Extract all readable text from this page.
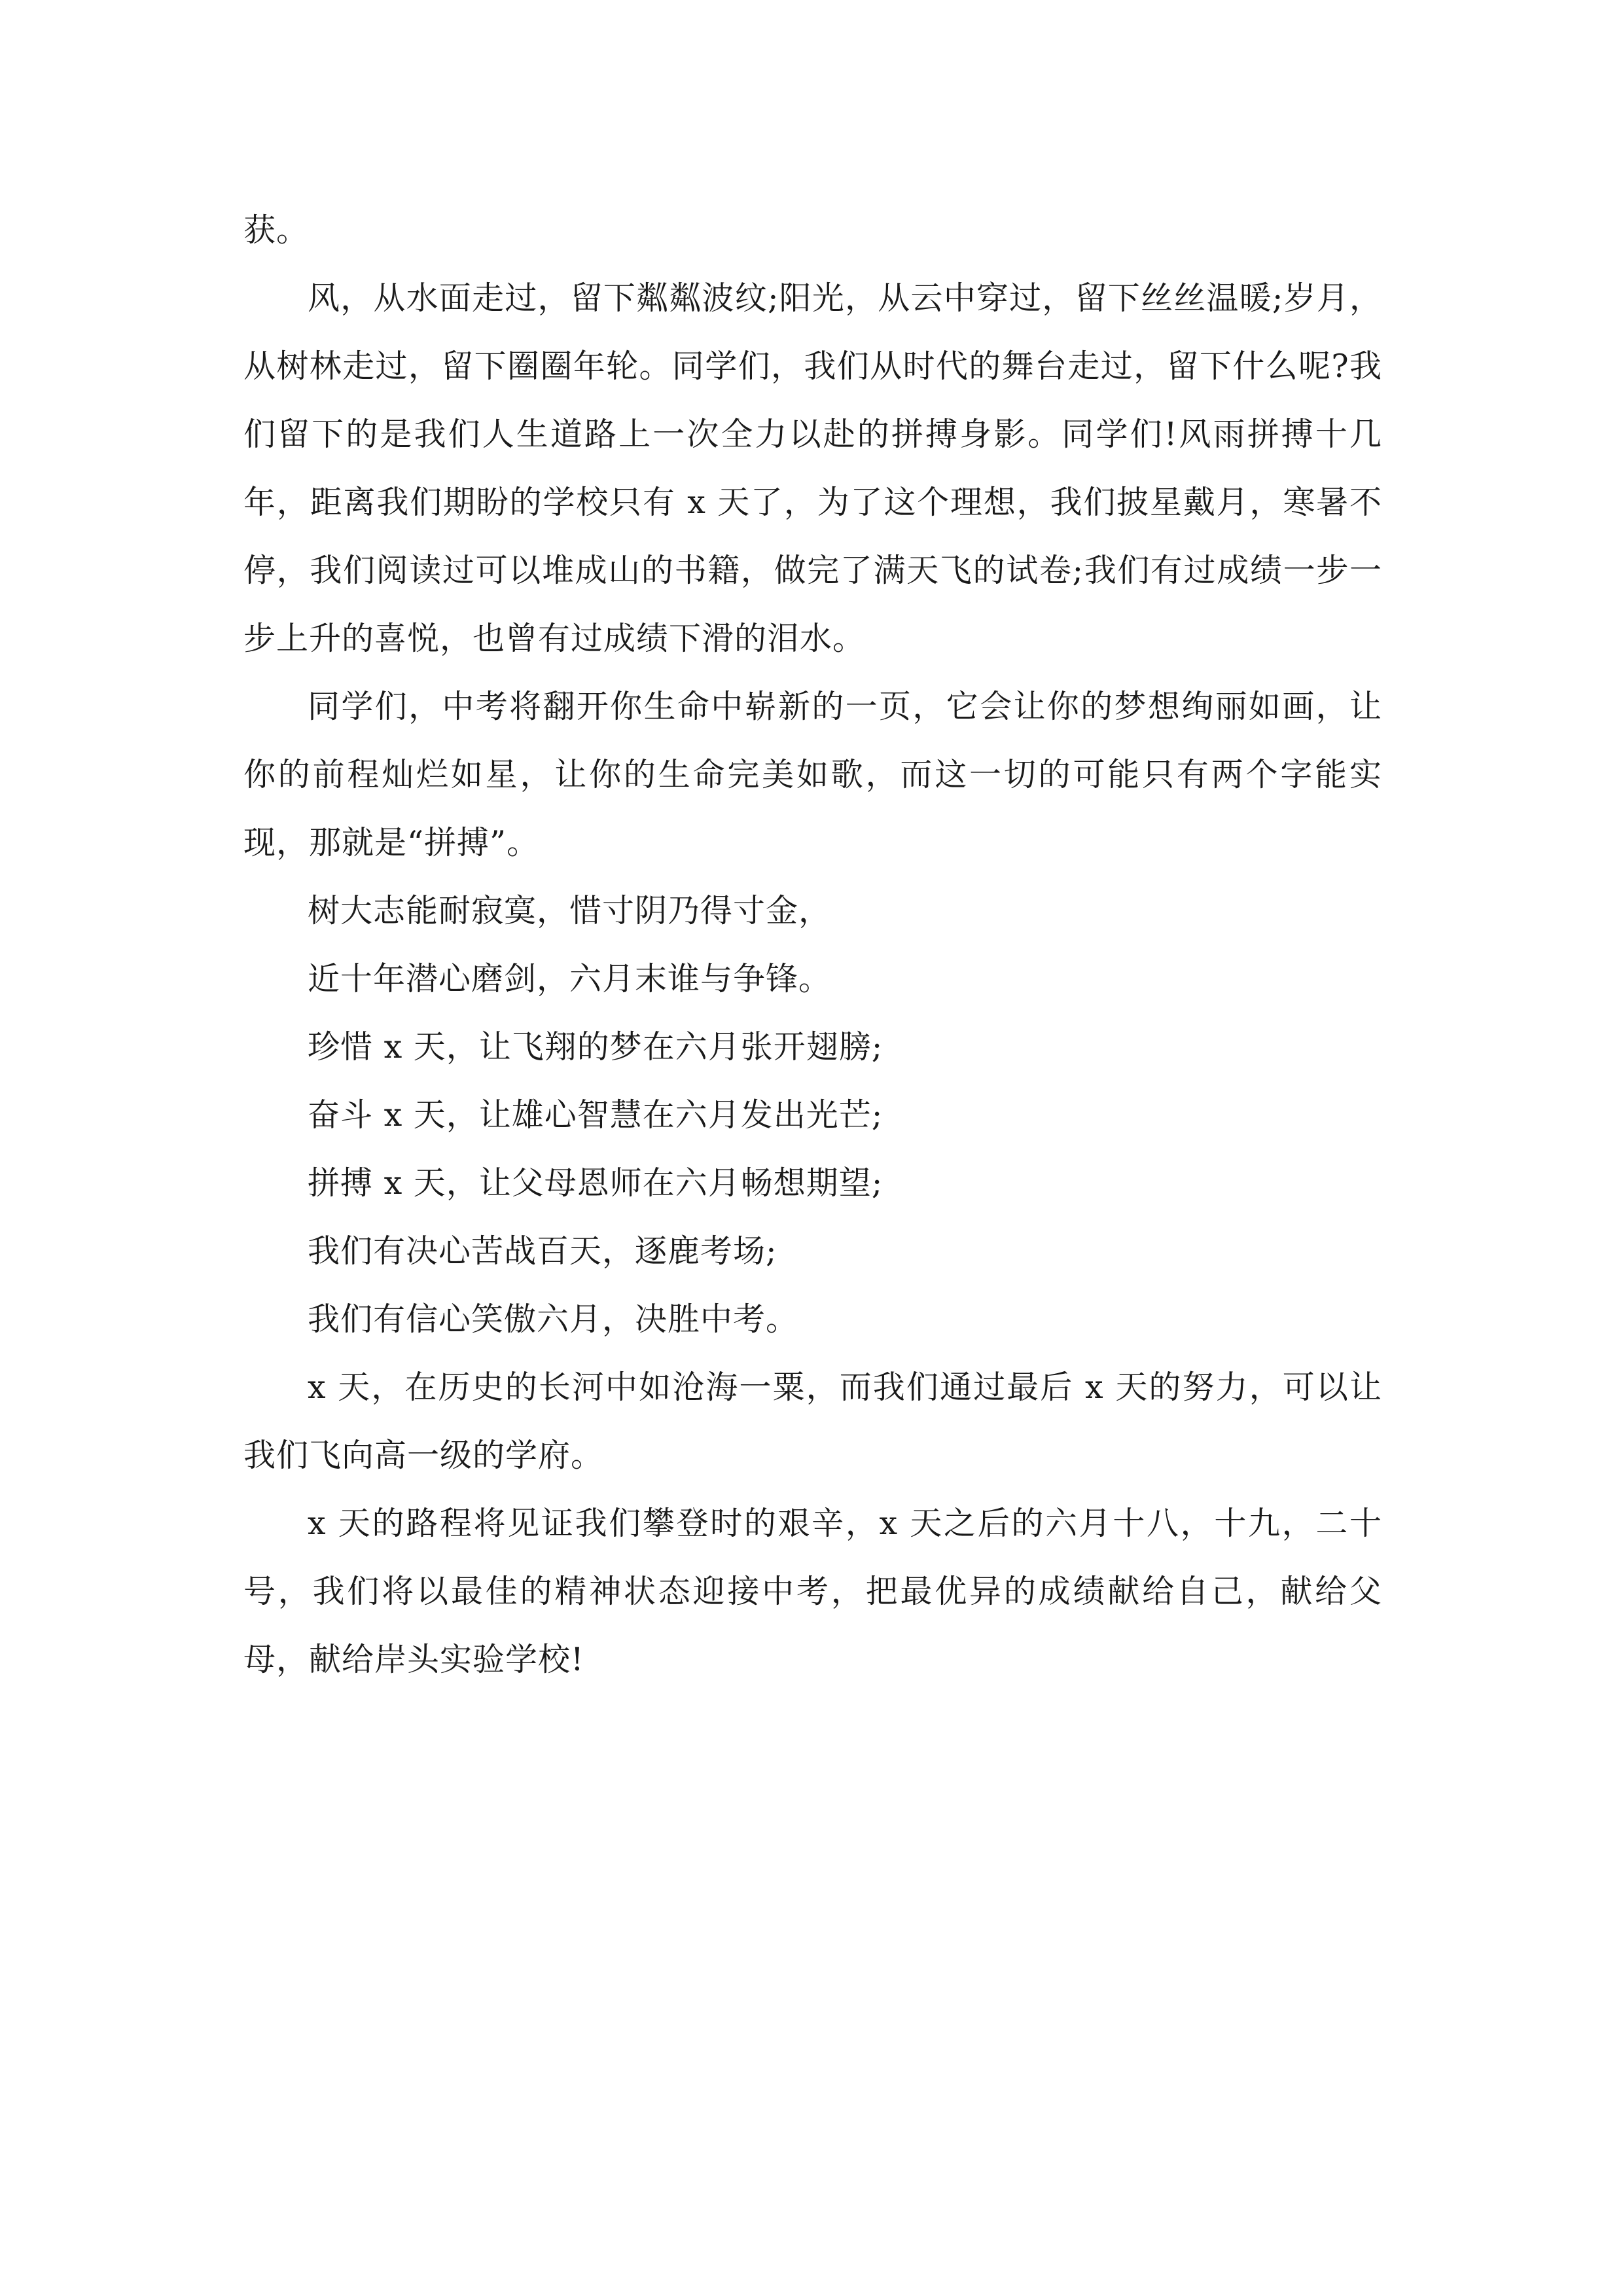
获。

风，从水面走过，留下粼粼波纹;阳光，从云中穿过，留下丝丝温暖;岁月，从树林走过，留下圈圈年轮。同学们，我们从时代的舞台走过，留下什么呢?我们留下的是我们人生道路上一次全力以赴的拼搏身影。同学们!风雨拼搏十几年，距离我们期盼的学校只有 x 天了，为了这个理想，我们披星戴月，寒暑不停，我们阅读过可以堆成山的书籍，做完了满天飞的试卷;我们有过成绩一步一步上升的喜悦，也曾有过成绩下滑的泪水。

同学们，中考将翻开你生命中崭新的一页，它会让你的梦想绚丽如画，让你的前程灿烂如星，让你的生命完美如歌，而这一切的可能只有两个字能实现，那就是“拼搏”。

树大志能耐寂寞，惜寸阴乃得寸金，

近十年潜心磨剑，六月末谁与争锋。

珍惜 x 天，让飞翔的梦在六月张开翅膀;

奋斗 x 天，让雄心智慧在六月发出光芒;

拼搏 x 天，让父母恩师在六月畅想期望;

我们有决心苦战百天，逐鹿考场;

我们有信心笑傲六月，决胜中考。

x 天，在历史的长河中如沧海一粟，而我们通过最后 x 天的努力，可以让我们飞向高一级的学府。

x 天的路程将见证我们攀登时的艰辛，x 天之后的六月十八，十九，二十号，我们将以最佳的精神状态迎接中考，把最优异的成绩献给自己，献给父母，献给岸头实验学校!
